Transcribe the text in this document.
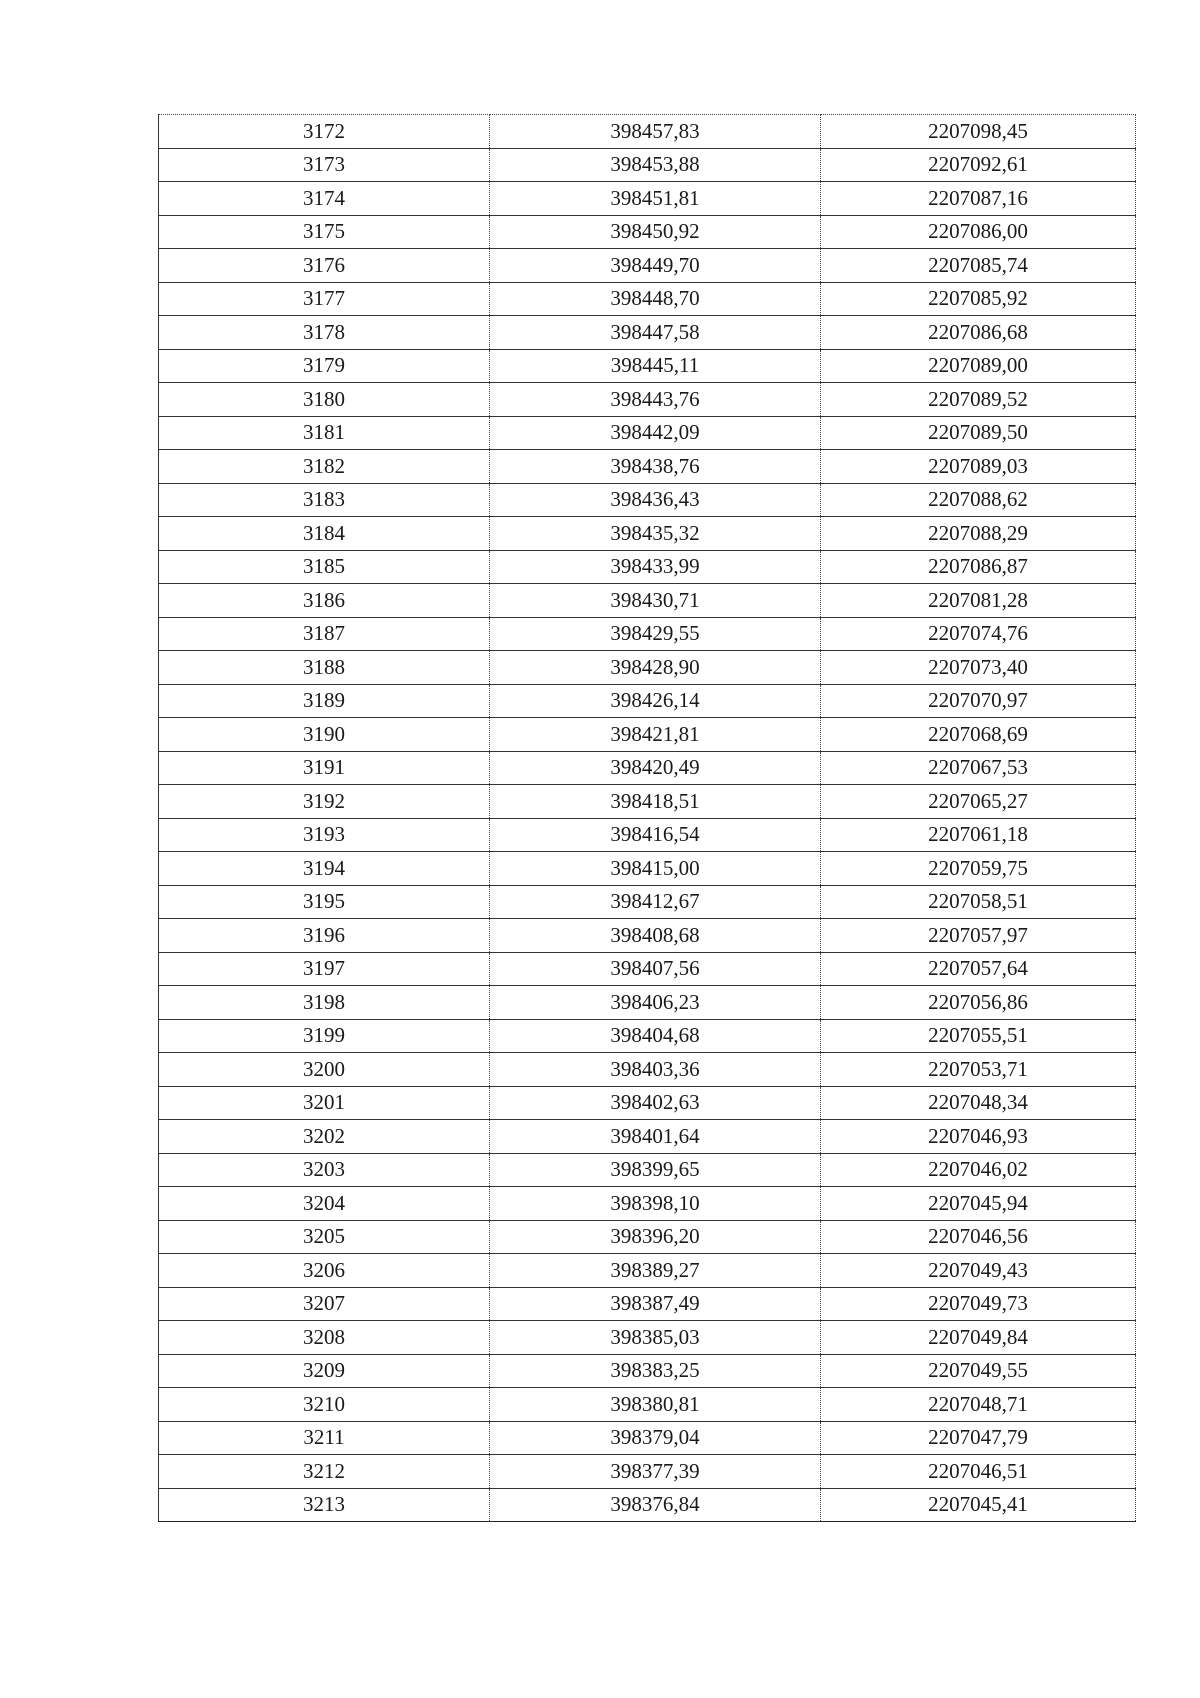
3172	398457,83	2207098,45
3173	398453,88	2207092,61
3174	398451,81	2207087,16
3175	398450,92	2207086,00
3176	398449,70	2207085,74
3177	398448,70	2207085,92
3178	398447,58	2207086,68
3179	398445,11	2207089,00
3180	398443,76	2207089,52
3181	398442,09	2207089,50
3182	398438,76	2207089,03
3183	398436,43	2207088,62
3184	398435,32	2207088,29
3185	398433,99	2207086,87
3186	398430,71	2207081,28
3187	398429,55	2207074,76
3188	398428,90	2207073,40
3189	398426,14	2207070,97
3190	398421,81	2207068,69
3191	398420,49	2207067,53
3192	398418,51	2207065,27
3193	398416,54	2207061,18
3194	398415,00	2207059,75
3195	398412,67	2207058,51
3196	398408,68	2207057,97
3197	398407,56	2207057,64
3198	398406,23	2207056,86
3199	398404,68	2207055,51
3200	398403,36	2207053,71
3201	398402,63	2207048,34
3202	398401,64	2207046,93
3203	398399,65	2207046,02
3204	398398,10	2207045,94
3205	398396,20	2207046,56
3206	398389,27	2207049,43
3207	398387,49	2207049,73
3208	398385,03	2207049,84
3209	398383,25	2207049,55
3210	398380,81	2207048,71
3211	398379,04	2207047,79
3212	398377,39	2207046,51
3213	398376,84	2207045,41
